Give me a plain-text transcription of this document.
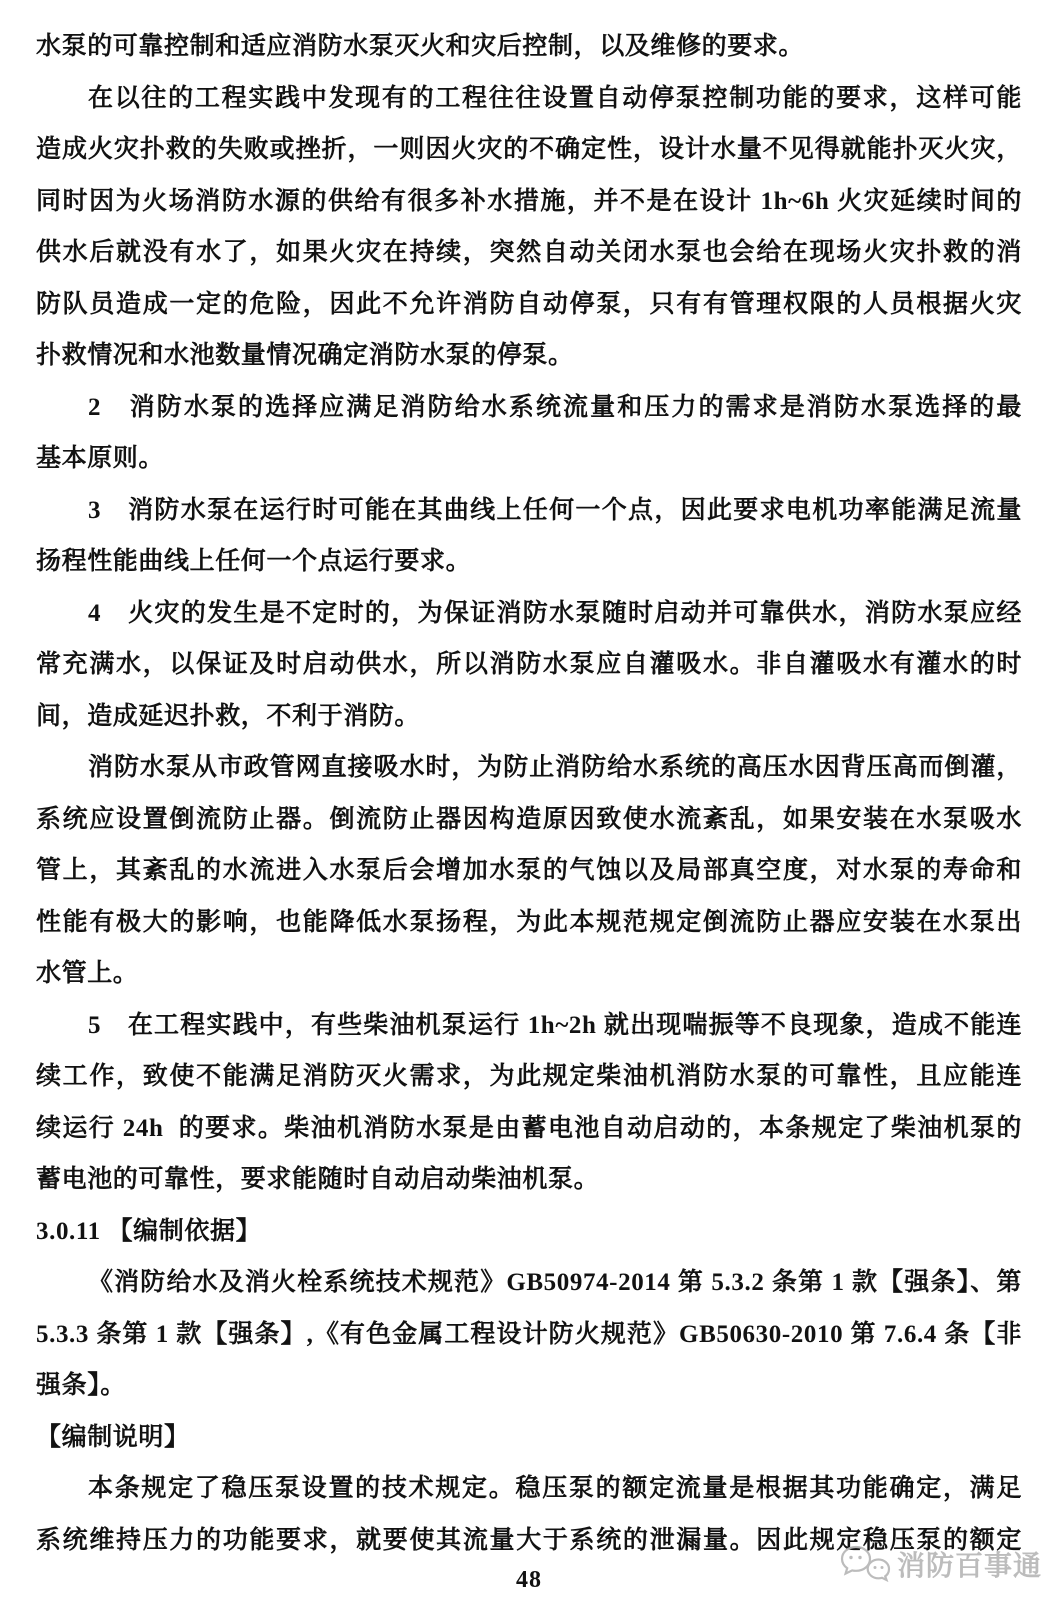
水泵的可靠控制和适应消防水泵灭火和灾后控制，以及维修的要求。
在以往的工程实践中发现有的工程往往设置自动停泵控制功能的要求，这样可能
造成火灾扑救的失败或挫折，一则因火灾的不确定性，设计水量不见得就能扑灭火灾，
同时因为火场消防水源的供给有很多补水措施，并不是在设计 1h~6h 火灾延续时间的
供水后就没有水了，如果火灾在持续，突然自动关闭水泵也会给在现场火灾扑救的消
防队员造成一定的危险，因此不允许消防自动停泵，只有有管理权限的人员根据火灾
扑救情况和水池数量情况确定消防水泵的停泵。
2　消防水泵的选择应满足消防给水系统流量和压力的需求是消防水泵选择的最
基本原则。
3　消防水泵在运行时可能在其曲线上任何一个点，因此要求电机功率能满足流量
扬程性能曲线上任何一个点运行要求。
4　火灾的发生是不定时的，为保证消防水泵随时启动并可靠供水，消防水泵应经
常充满水，以保证及时启动供水，所以消防水泵应自灌吸水。非自灌吸水有灌水的时
间，造成延迟扑救，不利于消防。
消防水泵从市政管网直接吸水时，为防止消防给水系统的高压水因背压高而倒灌，
系统应设置倒流防止器。倒流防止器因构造原因致使水流紊乱，如果安装在水泵吸水
管上，其紊乱的水流进入水泵后会增加水泵的气蚀以及局部真空度，对水泵的寿命和
性能有极大的影响，也能降低水泵扬程，为此本规范规定倒流防止器应安装在水泵出
水管上。
5　在工程实践中，有些柴油机泵运行 1h~2h 就出现喘振等不良现象，造成不能连
续工作，致使不能满足消防灭火需求，为此规定柴油机消防水泵的可靠性，且应能连
续运行 24h  的要求。柴油机消防水泵是由蓄电池自动启动的，本条规定了柴油机泵的
蓄电池的可靠性，要求能随时自动启动柴油机泵。
3.0.11 【编制依据】
《消防给水及消火栓系统技术规范》GB50974-2014 第 5.3.2 条第 1 款【强条】、第
5.3.3 条第 1 款【强条】,《有色金属工程设计防火规范》GB50630-2010 第 7.6.4 条【非
强条】。
【编制说明】
本条规定了稳压泵设置的技术规定。稳压泵的额定流量是根据其功能确定，满足
系统维持压力的功能要求，就要使其流量大于系统的泄漏量。因此规定稳压泵的额定
48	消防百事通
